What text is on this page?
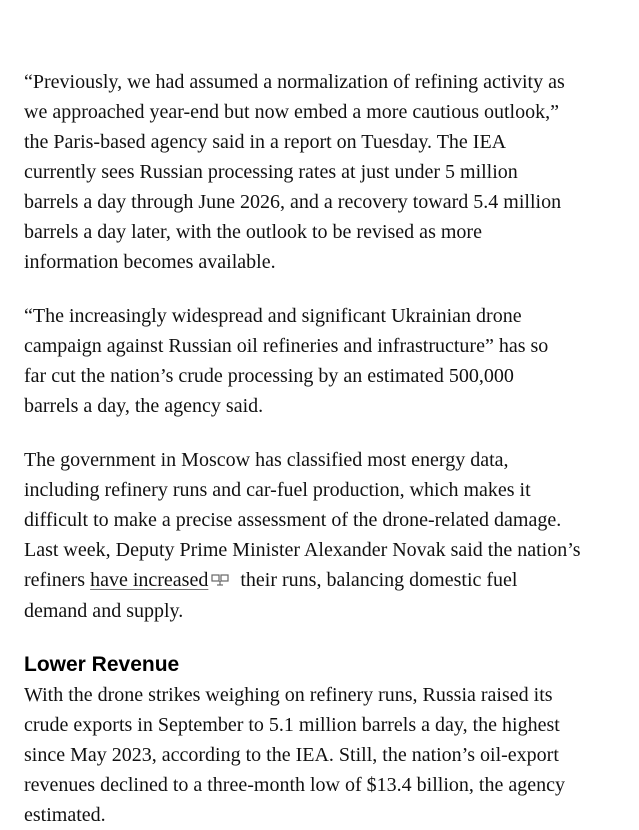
“Previously, we had assumed a normalization of refining activity as
we approached year-end but now embed a more cautious outlook,”
the Paris-based agency said in a report on Tuesday. The IEA
currently sees Russian processing rates at just under 5 million
barrels a day through June 2026, and a recovery toward 5.4 million
barrels a day later, with the outlook to be revised as more
information becomes available.

“The increasingly widespread and significant Ukrainian drone
campaign against Russian oil refineries and infrastructure” has so
far cut the nation’s crude processing by an estimated 500,000
barrels a day, the agency said.

The government in Moscow has classified most energy data,
including refinery runs and car-fuel production, which makes it
difficult to make a precise assessment of the drone-related damage.
Last week, Deputy Prime Minister Alexander Novak said the nation’s
refiners have increased their runs, balancing domestic fuel
demand and supply.

Lower Revenue

With the drone strikes weighing on refinery runs, Russia raised its
crude exports in September to 5.1 million barrels a day, the highest
since May 2023, according to the IEA. Still, the nation’s oil-export
revenues declined to a three-month low of $13.4 billion, the agency
estimated.
